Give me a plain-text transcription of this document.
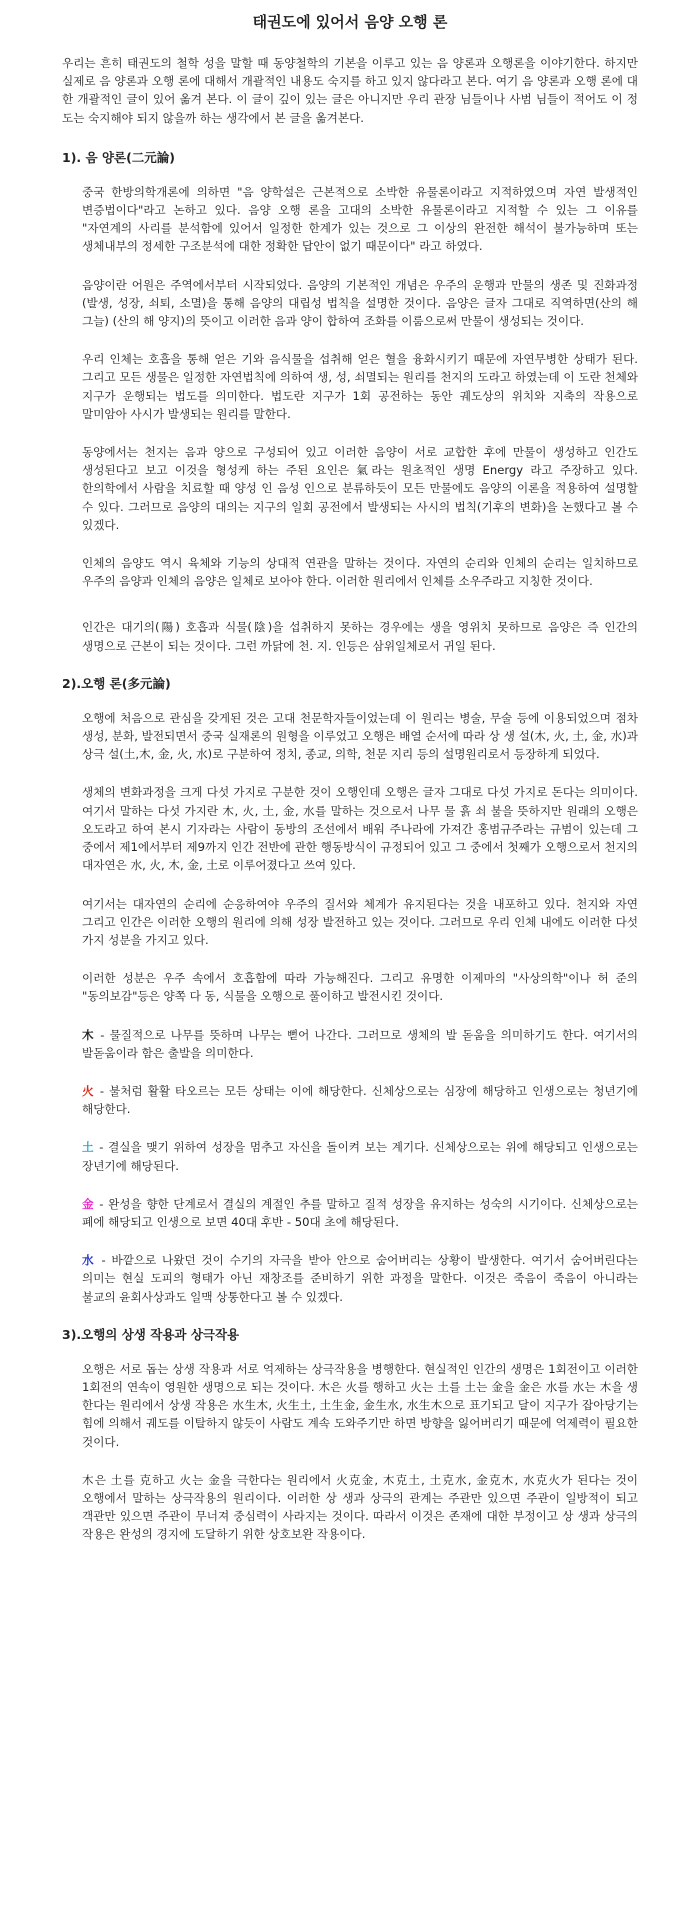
태권도에 있어서 음양 오행 론

우리는 흔히 태권도의 철학 성을 말할 때 동양철학의 기본을 이루고 있는 음 양론과 오행론을 이야기한다. 하지만 실제로 음 양론과 오행 론에 대해서 개괄적인 내용도 숙지를 하고 있지 않다라고 본다. 여기 음 양론과 오행 론에 대한 개괄적인 글이 있어 옮겨 본다. 이 글이 깊이 있는 글은 아니지만 우리 관장 님들이나 사범 님들이 적어도 이 정도는 숙지해야 되지 않을까 하는 생각에서 본 글을 옮겨본다.

1). 음 양론(二元論)

중국 한방의학개론에 의하면 "음 양학설은 근본적으로 소박한 유물론이라고 지적하였으며 자연 발생적인 변증법이다"라고 논하고 있다. 음양 오행 론을 고대의 소박한 유물론이라고 지적할 수 있는 그 이유를 "자연계의 사리를 분석함에 있어서 일정한 한계가 있는 것으로 그 이상의 완전한 해석이 불가능하며 또는 생체내부의 정세한 구조분석에 대한 정확한 답안이 없기 때문이다" 라고 하였다.

음양이란 어원은 주역에서부터 시작되었다. 음양의 기본적인 개념은 우주의 운행과 만물의 생존 및 진화과정(발생, 성장, 쇠퇴, 소멸)을 통해 음양의 대립성 법칙을 설명한 것이다. 음양은 글자 그대로 직역하면(산의 해 그늘) (산의 해 양지)의 뜻이고 이러한 음과 양이 합하여 조화를 이룸으로써 만물이 생성되는 것이다.

우리 인체는 호흡을 통해 얻은 기와 음식물을 섭취해 얻은 혈을 융화시키기 때문에 자연무병한 상태가 된다. 그리고 모든 생물은 일정한 자연법칙에 의하여 생, 성, 쇠멸되는 원리를 천지의 도라고 하였는데 이 도란 천체와 지구가 운행되는 법도를 의미한다. 법도란 지구가 1회 공전하는 동안 궤도상의 위치와 지축의 작용으로 말미암아 사시가 발생되는 원리를 말한다.

동양에서는 천지는 음과 양으로 구성되어 있고 이러한 음양이 서로 교합한 후에 만물이 생성하고 인간도 생성된다고 보고 이것을 형성케 하는 주된 요인은 氣라는 원초적인 생명 Energy 라고 주장하고 있다. 한의학에서 사람을 치료할 때 양성 인 음성 인으로 분류하듯이 모든 만물에도 음양의 이론을 적용하여 설명할 수 있다. 그러므로 음양의 대의는 지구의 일회 공전에서 발생되는 사시의 법칙(기후의 변화)을 논했다고 볼 수 있겠다.

인체의 음양도 역시 육체와 기능의 상대적 연관을 말하는 것이다. 자연의 순리와 인체의 순리는 일치하므로 우주의 음양과 인체의 음양은 일체로 보아야 한다. 이러한 원리에서 인체를 소우주라고 지칭한 것이다.

인간은 대기의(陽) 호흡과 식물(陰)을 섭취하지 못하는 경우에는 생을 영위치 못하므로 음양은 즉 인간의 생명으로 근본이 되는 것이다. 그런 까닭에 천. 지. 인등은 삼위일체로서 귀일 된다.

2).오행 론(多元論)

오행에 처음으로 관심을 갖게된 것은 고대 천문학자들이었는데 이 원리는 병술, 무술 등에 이용되었으며 점차 생성, 분화, 발전되면서 중국 실재론의 원형을 이루었고 오행은 배열 순서에 따라 상 생 설(木, 火, 土, 金, 水)과 상극 설(土,木, 金, 火, 水)로 구분하여 정치, 종교, 의학, 천문 지리 등의 설명원리로서 등장하게 되었다.

생체의 변화과정을 크게 다섯 가지로 구분한 것이 오행인데 오행은 글자 그대로 다섯 가지로 돈다는 의미이다. 여기서 말하는 다섯 가지란 木, 火, 土, 金, 水를 말하는 것으로서 나무 물 흙 쇠 불을 뜻하지만 원래의 오행은 오도라고 하여 본시 기자라는 사람이 동방의 조선에서 배워 주나라에 가져간 홍범규주라는 규범이 있는데 그 중에서 제1에서부터 제9까지 인간 전반에 관한 행동방식이 규정되어 있고 그 중에서 첫째가 오행으로서 천지의 대자연은 水, 火, 木, 金, 土로 이루어졌다고 쓰여 있다.

여기서는 대자연의 순리에 순응하여야 우주의 질서와 체계가 유지된다는 것을 내포하고 있다. 천지와 자연 그리고 인간은 이러한 오행의 원리에 의해 성장 발전하고 있는 것이다. 그러므로 우리 인체 내에도 이러한 다섯 가지 성분을 가지고 있다.

이러한 성분은 우주 속에서 호흡함에 따라 가능해진다. 그리고 유명한 이제마의 "사상의학"이나 허 준의 "동의보감"등은 양쪽 다 동, 식물을 오행으로 풀이하고 발전시킨 것이다.

木 - 물질적으로 나무를 뜻하며 나무는 뻗어 나간다. 그러므로 생체의 발 돋움을 의미하기도 한다. 여기서의 발돋움이라 함은 출발을 의미한다.

火 - 불처럼 활활 타오르는 모든 상태는 이에 해당한다. 신체상으로는 심장에 해당하고 인생으로는 청년기에 해당한다.

土 - 결실을 맺기 위하여 성장을 멈추고 자신을 돌이켜 보는 계기다. 신체상으로는 위에 해당되고 인생으로는 장년기에 해당된다.

金 - 완성을 향한 단계로서 결실의 계절인 추를 말하고 질적 성장을 유지하는 성숙의 시기이다. 신체상으로는 폐에 해당되고 인생으로 보면 40대 후반 - 50대 초에 해당된다.

水 - 바깥으로 나왔던 것이 수기의 자극을 받아 안으로 숨어버리는 상황이 발생한다. 여기서 숨어버린다는 의미는 현실 도피의 형태가 아닌 재창조를 준비하기 위한 과정을 말한다. 이것은 죽음이 죽음이 아니라는 불교의 윤회사상과도 일맥 상통한다고 볼 수 있겠다.

3).오행의 상생 작용과 상극작용

오행은 서로 돕는 상생 작용과 서로 억제하는 상극작용을 병행한다. 현실적인 인간의 생명은 1회전이고 이러한 1회전의 연속이 영원한 생명으로 되는 것이다. 木은 火를 행하고 火는 土를 土는 金을 金은 水를 水는 木을 생 한다는 원리에서 상생 작용은 水生木, 火生土, 土生金, 金生水, 水生木으로 표기되고 달이 지구가 잡아당기는 힘에 의해서 궤도를 이탈하지 않듯이 사람도 계속 도와주기만 하면 방향을 잃어버리기 때문에 억제력이 필요한 것이다.

木은 土를 克하고 火는 金을 극한다는 원리에서 火克金, 木克土, 土克水, 金克木, 水克火가 된다는 것이 오행에서 말하는 상극작용의 원리이다. 이러한 상 생과 상극의 관계는 주관만 있으면 주관이 일방적이 되고 객관만 있으면 주관이 무너져 중심력이 사라지는 것이다. 따라서 이것은 존재에 대한 부정이고 상 생과 상극의 작용은 완성의 경지에 도달하기 위한 상호보완 작용이다.
